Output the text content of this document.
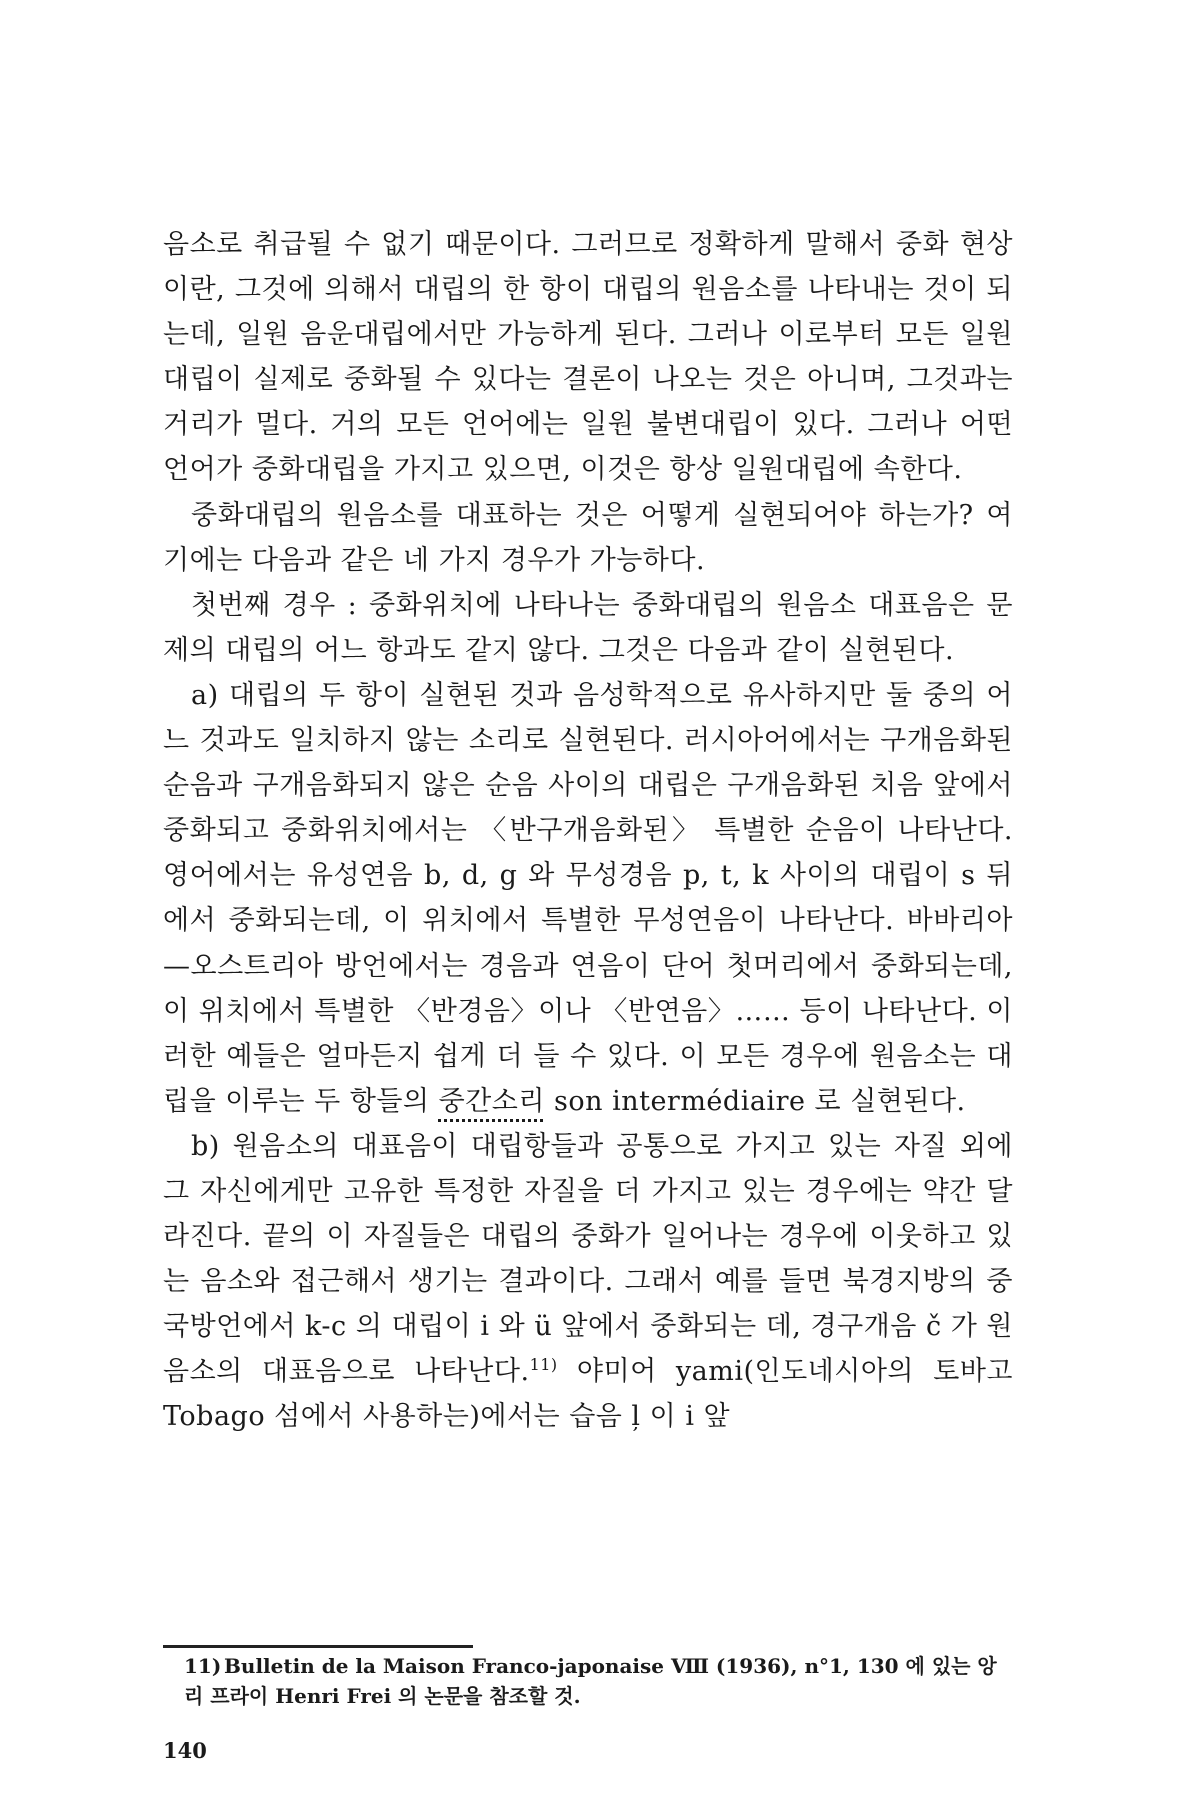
음소로 취급될 수 없기 때문이다. 그러므로 정확하게 말해서 중화 현상이란, 그것에 의해서 대립의 한 항이 대립의 원음소를 나타내는 것이 되는데, 일원 음운대립에서만 가능하게 된다. 그러나 이로부터 모든 일원대립이 실제로 중화될 수 있다는 결론이 나오는 것은 아니며, 그것과는 거리가 멀다. 거의 모든 언어에는 일원 불변대립이 있다. 그러나 어떤 언어가 중화대립을 가지고 있으면, 이것은 항상 일원대립에 속한다.

중화대립의 원음소를 대표하는 것은 어떻게 실현되어야 하는가? 여기에는 다음과 같은 네 가지 경우가 가능하다.

첫번째 경우 : 중화위치에 나타나는 중화대립의 원음소 대표음은 문제의 대립의 어느 항과도 같지 않다. 그것은 다음과 같이 실현된다.

a) 대립의 두 항이 실현된 것과 음성학적으로 유사하지만 둘 중의 어느 것과도 일치하지 않는 소리로 실현된다. 러시아어에서는 구개음화된 순음과 구개음화되지 않은 순음 사이의 대립은 구개음화된 치음 앞에서 중화되고 중화위치에서는 〈반구개음화된〉 특별한 순음이 나타난다. 영어에서는 유성연음 b, d, g 와 무성경음 p, t, k 사이의 대립이 s 뒤에서 중화되는데, 이 위치에서 특별한 무성연음이 나타난다. 바바리아—오스트리아 방언에서는 경음과 연음이 단어 첫머리에서 중화되는데, 이 위치에서 특별한 〈반경음〉이나 〈반연음〉…… 등이 나타난다. 이러한 예들은 얼마든지 쉽게 더 들 수 있다. 이 모든 경우에 원음소는 대립을 이루는 두 항들의 중간소리 son intermédiaire 로 실현된다.

b) 원음소의 대표음이 대립항들과 공통으로 가지고 있는 자질 외에 그 자신에게만 고유한 특정한 자질을 더 가지고 있는 경우에는 약간 달라진다. 끝의 이 자질들은 대립의 중화가 일어나는 경우에 이웃하고 있는 음소와 접근해서 생기는 결과이다. 그래서 예를 들면 북경지방의 중국방언에서 k-c 의 대립이 i 와 ü 앞에서 중화되는 데, 경구개음 č 가 원음소의 대표음으로 나타난다.$^{11)}$ 야미어 yami(인도네시아의 토바고 Tobago 섬에서 사용하는)에서는 습음 l̦ 이 i 앞

11) Bulletin de la Maison Franco-japonaise Ⅷ (1936), n°1, 130 에 있는 앙리 프라이 Henri Frei 의 논문을 참조할 것.
140
